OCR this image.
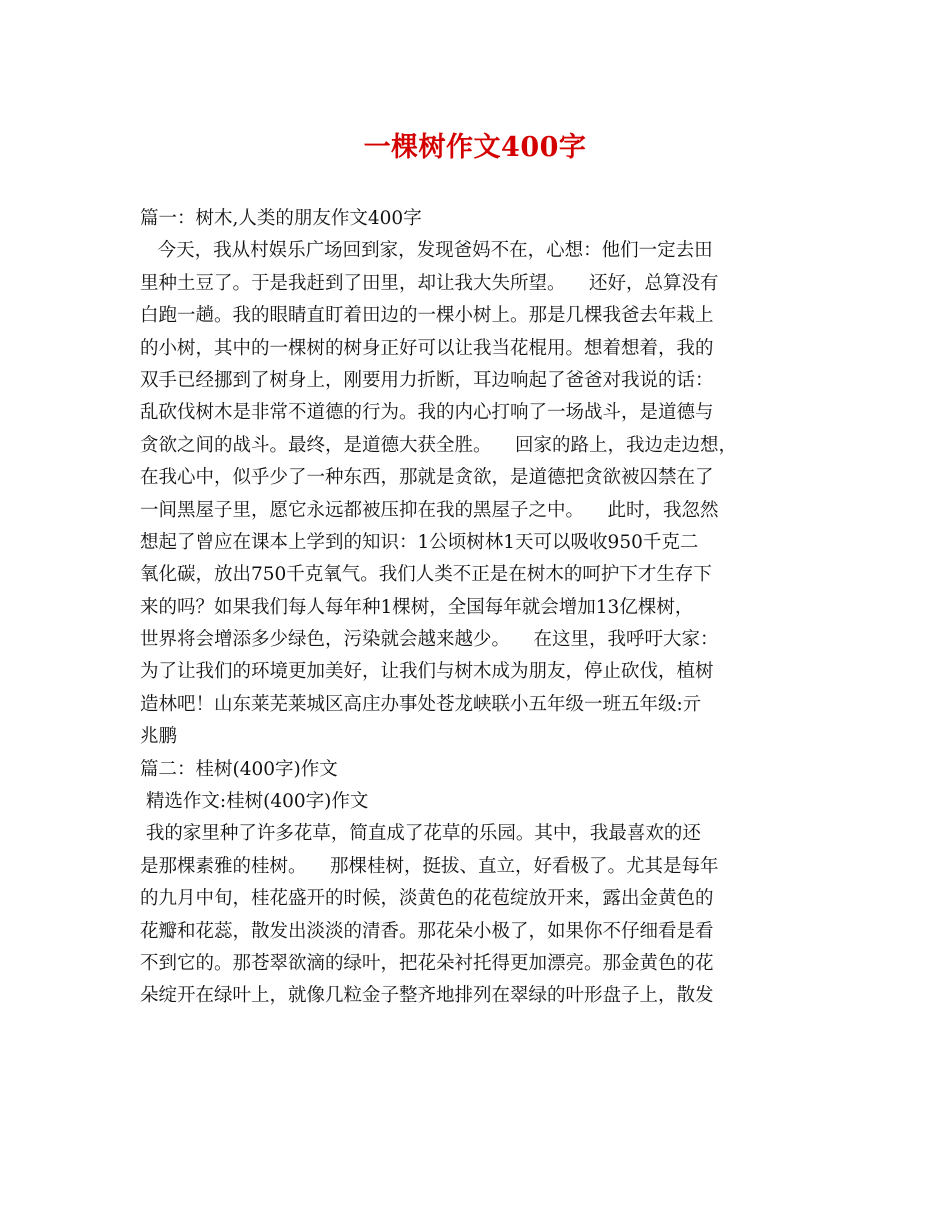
一棵树作文400字
篇一：树木,人类的朋友作文400字
今天，我从村娱乐广场回到家，发现爸妈不在，心想：他们一定去田
里种土豆了。于是我赶到了田里，却让我大失所望。    还好，总算没有
白跑一趟。我的眼睛直盯着田边的一棵小树上。那是几棵我爸去年栽上
的小树，其中的一棵树的树身正好可以让我当花棍用。想着想着，我的
双手已经挪到了树身上，刚要用力折断，耳边响起了爸爸对我说的话：
乱砍伐树木是非常不道德的行为。我的内心打响了一场战斗，是道德与
贪欲之间的战斗。最终，是道德大获全胜。    回家的路上，我边走边想，
在我心中，似乎少了一种东西，那就是贪欲，是道德把贪欲被囚禁在了
一间黑屋子里，愿它永远都被压抑在我的黑屋子之中。    此时，我忽然
想起了曾应在课本上学到的知识：1公顷树林1天可以吸收950千克二
氧化碳，放出750千克氧气。我们人类不正是在树木的呵护下才生存下
来的吗？如果我们每人每年种1棵树，全国每年就会增加13亿棵树，
世界将会增添多少绿色，污染就会越来越少。    在这里，我呼吁大家：
为了让我们的环境更加美好，让我们与树木成为朋友，停止砍伐，植树
造林吧！山东莱芜莱城区高庄办事处苍龙峡联小五年级一班五年级:亓
兆鹏
篇二：桂树(400字)作文
精选作文:桂树(400字)作文
我的家里种了许多花草，简直成了花草的乐园。其中，我最喜欢的还
是那棵素雅的桂树。    那棵桂树，挺拔、直立，好看极了。尤其是每年
的九月中旬，桂花盛开的时候，淡黄色的花苞绽放开来，露出金黄色的
花瓣和花蕊，散发出淡淡的清香。那花朵小极了，如果你不仔细看是看
不到它的。那苍翠欲滴的绿叶，把花朵衬托得更加漂亮。那金黄色的花
朵绽开在绿叶上，就像几粒金子整齐地排列在翠绿的叶形盘子上，散发
